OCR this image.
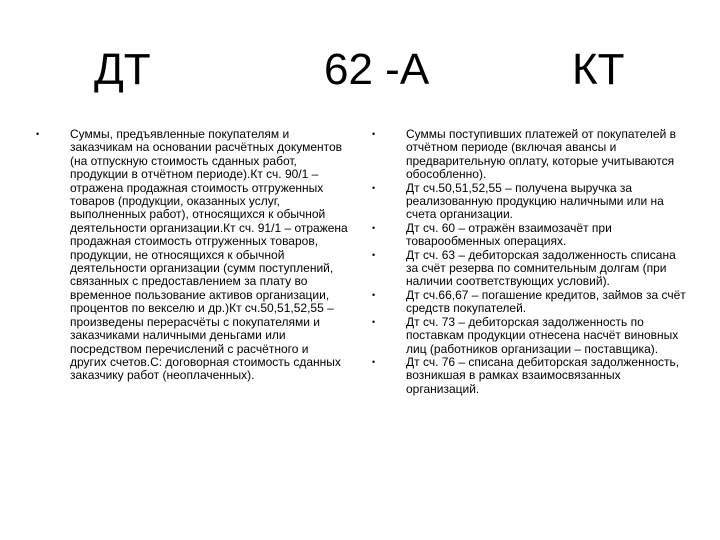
ДТ	62 -А	КТ
•	Суммы, предъявленные покупателям и заказчикам на основании расчётных документов (на отпускную стоимость сданных работ, продукции в отчётном периоде).Кт сч. 90/1 – отражена продажная стоимость отгруженных товаров (продукции, оказанных услуг, выполненных работ), относящихся к обычной деятельности организации.Кт сч. 91/1 – отражена продажная стоимость отгруженных товаров, продукции, не относящихся к обычной деятельности организации (сумм поступлений, связанных с предоставлением за плату во временное пользование активов организации, процентов по векселю и др.)Кт сч.50,51,52,55 – произведены перерасчёты с покупателями и заказчиками наличными деньгами или посредством перечислений с расчётного и других счетов.С: договорная стоимость сданных заказчику работ (неоплаченных).
•	Суммы поступивших платежей от покупателей в отчётном периоде (включая авансы и предварительную оплату, которые учитываются обособленно).
•	Дт сч.50,51,52,55 – получена выручка за реализованную продукцию наличными или на счета организации.
•	Дт сч. 60 – отражён взаимозачёт при товарообменных операциях.
•	Дт сч. 63 – дебиторская задолженность списана за счёт резерва по сомнительным долгам (при наличии соответствующих условий).
•	Дт сч.66,67 – погашение кредитов, займов за счёт средств покупателей.
•	Дт сч. 73 – дебиторская задолженность по поставкам продукции отнесена насчёт виновных лиц (работников организации – поставщика).
•	Дт сч. 76 – списана дебиторская задолженность, возникшая в рамках взаимосвязанных организаций.
